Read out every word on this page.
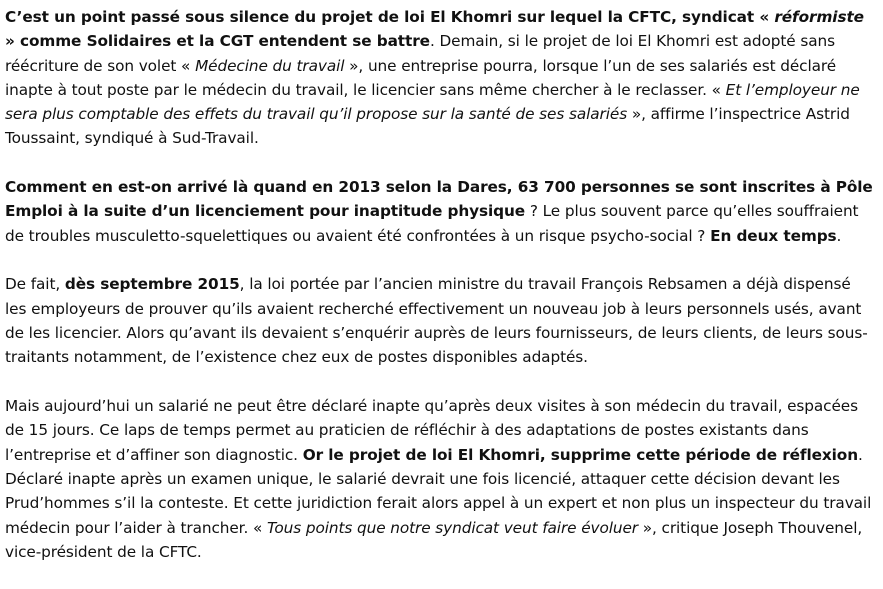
C’est un point passé sous silence du projet de loi El Khomri sur lequel la CFTC, syndicat « réformiste » comme Solidaires et la CGT entendent se battre. Demain, si le projet de loi El Khomri est adopté sans réécriture de son volet « Médecine du travail », une entreprise pourra, lorsque l’un de ses salariés est déclaré inapte à tout poste par le médecin du travail, le licencier sans même chercher à le reclasser. « Et l’employeur ne sera plus comptable des effets du travail qu’il propose sur la santé de ses salariés », affirme l’inspectrice Astrid Toussaint, syndiqué à Sud-Travail.

Comment en est-on arrivé là quand en 2013 selon la Dares, 63 700 personnes se sont inscrites à Pôle Emploi à la suite d’un licenciement pour inaptitude physique ? Le plus souvent parce qu’elles souffraient de troubles musculetto-squelettiques ou avaient été confrontées à un risque psycho-social ? En deux temps.

De fait, dès septembre 2015, la loi portée par l’ancien ministre du travail François Rebsamen a déjà dispensé les employeurs de prouver qu’ils avaient recherché effectivement un nouveau job à leurs personnels usés, avant de les licencier. Alors qu’avant ils devaient s’enquérir auprès de leurs fournisseurs, de leurs clients, de leurs sous-traitants notamment, de l’existence chez eux de postes disponibles adaptés.

Mais aujourd’hui un salarié ne peut être déclaré inapte qu’après deux visites à son médecin du travail, espacées de 15 jours. Ce laps de temps permet au praticien de réfléchir à des adaptations de postes existants dans l’entreprise et d’affiner son diagnostic. Or le projet de loi El Khomri, supprime cette période de réflexion. Déclaré inapte après un examen unique, le salarié devrait une fois licencié, attaquer cette décision devant les Prud’hommes s’il la conteste. Et cette juridiction ferait alors appel à un expert et non plus un inspecteur du travail médecin pour l’aider à trancher. « Tous points que notre syndicat veut faire évoluer », critique Joseph Thouvenel, vice-président de la CFTC.
